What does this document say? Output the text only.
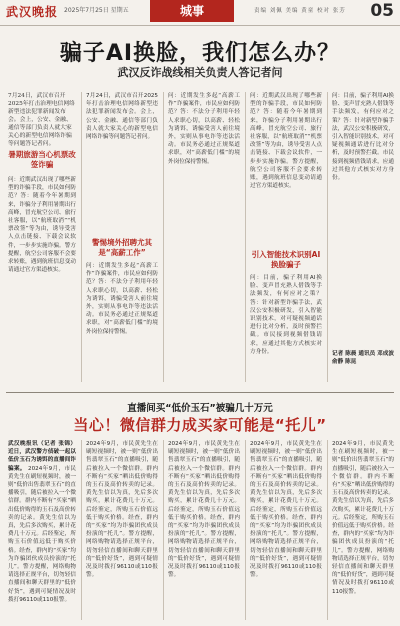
武汉晚报 2025年7月25日 星期五	城事	责编 刘佩 美编 黄童 校对 张芳 05
骗子AI换脸，我们怎么办？
武汉反诈战线相关负责人答记者问
7月24日，武汉市召开2025年打击治理电信网络新型违法犯罪新闻发布会。会上，公安、金融、通信等部门负责人就大家关心的新型电信网络诈骗等问题答记者问。
暑期旅游当心机票改签诈骗
问：近期武汉出现了哪些新型的诈骗手段，市民如何防范？答：随着今年暑期到来，诈骗分子利用暑期出行高峰，冒充航空公司、旅行社客服，以“航班取消”“机票改签”等为由，诱导受害人点击链接、下载会议软件，一步步实施诈骗。警方提醒，航空公司客服不会要求转账，遇到航班信息变动请通过官方渠道核实。
7月24日，武汉市召开2025年打击治理电信网络新型违法犯罪新闻发布会。会上，公安、金融、通信等部门负责人就大家关心的新型电信网络诈骗等问题答记者问。
警惕境外招聘尤其是“高薪工作”
问：近期发生多起“高薪工作”诈骗案件，市民应如何防范？答：不法分子利用年轻人求职心切，以高薪、轻松为诱饵，诱骗受害人前往境外，实则从事电诈等违法活动。市民务必通过正规渠道求职，对“高薪低门槛”的境外岗位保持警惕。
问：近期发生多起“高薪工作”诈骗案件，市民应如何防范？答：不法分子利用年轻人求职心切，以高薪、轻松为诱饵，诱骗受害人前往境外，实则从事电诈等违法活动。市民务必通过正规渠道求职，对“高薪低门槛”的境外岗位保持警惕。
问：近期武汉出现了哪些新型的诈骗手段，市民如何防范？答：随着今年暑期到来，诈骗分子利用暑期出行高峰，冒充航空公司、旅行社客服，以“航班取消”“机票改签”等为由，诱导受害人点击链接、下载会议软件，一步步实施诈骗。警方提醒，航空公司客服不会要求转账，遇到航班信息变动请通过官方渠道核实。
引入智能技术识别AI换脸骗子
问：目前，骗子利用AI换脸、变声冒充熟人借钱等手法频发，有何应对之策？答：针对新型诈骗手法，武汉公安积极研发，引入智能识别技术，对可疑视频通话进行比对分析，及时预警拦截。市民接到视频借钱请求，应通过其他方式核实对方身份。
问：目前，骗子利用AI换脸、变声冒充熟人借钱等手法频发，有何应对之策？答：针对新型诈骗手法，武汉公安积极研发，引入智能识别技术，对可疑视频通话进行比对分析，及时预警拦截。市民接到视频借钱请求，应通过其他方式核实对方身份。
记者 陈晨 通讯员 邓成波 俞静 陈昆
直播间买“低价玉石”被骗几十万元
当心！微信群力成买家可能是“托儿”
武汉晚报讯（记者 张锦）近日，武汉警方侦破一起以低价玉石为诱饵的直播间诈骗案。 2024年9月，市民黄先生在刷短视频时，被一则“低价出售翡翠玉石”的直播吸引，随后被拉入一个微信群。群内不断有“买家”晒出低价购得的玉石及高价转卖的记录。黄先生信以为真，先后多次购买，累计花费几十万元。后经鉴定，所购玉石价值远低于购买价格。经查，群内的“买家”均为诈骗团伙成员扮演的“托儿”。警方提醒，网络购物请选择正规平台，切勿轻信直播间和聊天群里的“低价好货”，遇到可疑情况及时拨打96110或110报警。
2024年9月，市民黄先生在刷短视频时，被一则“低价出售翡翠玉石”的直播吸引，随后被拉入一个微信群。群内不断有“买家”晒出低价购得的玉石及高价转卖的记录。黄先生信以为真，先后多次购买，累计花费几十万元。后经鉴定，所购玉石价值远低于购买价格。经查，群内的“买家”均为诈骗团伙成员扮演的“托儿”。警方提醒，网络购物请选择正规平台，切勿轻信直播间和聊天群里的“低价好货”，遇到可疑情况及时拨打96110或110报警。
2024年9月，市民黄先生在刷短视频时，被一则“低价出售翡翠玉石”的直播吸引，随后被拉入一个微信群。群内不断有“买家”晒出低价购得的玉石及高价转卖的记录。黄先生信以为真，先后多次购买，累计花费几十万元。后经鉴定，所购玉石价值远低于购买价格。经查，群内的“买家”均为诈骗团伙成员扮演的“托儿”。警方提醒，网络购物请选择正规平台，切勿轻信直播间和聊天群里的“低价好货”，遇到可疑情况及时拨打96110或110报警。
2024年9月，市民黄先生在刷短视频时，被一则“低价出售翡翠玉石”的直播吸引，随后被拉入一个微信群。群内不断有“买家”晒出低价购得的玉石及高价转卖的记录。黄先生信以为真，先后多次购买，累计花费几十万元。后经鉴定，所购玉石价值远低于购买价格。经查，群内的“买家”均为诈骗团伙成员扮演的“托儿”。警方提醒，网络购物请选择正规平台，切勿轻信直播间和聊天群里的“低价好货”，遇到可疑情况及时拨打96110或110报警。
2024年9月，市民黄先生在刷短视频时，被一则“低价出售翡翠玉石”的直播吸引，随后被拉入一个微信群。群内不断有“买家”晒出低价购得的玉石及高价转卖的记录。黄先生信以为真，先后多次购买，累计花费几十万元。后经鉴定，所购玉石价值远低于购买价格。经查，群内的“买家”均为诈骗团伙成员扮演的“托儿”。警方提醒，网络购物请选择正规平台，切勿轻信直播间和聊天群里的“低价好货”，遇到可疑情况及时拨打96110或110报警。
